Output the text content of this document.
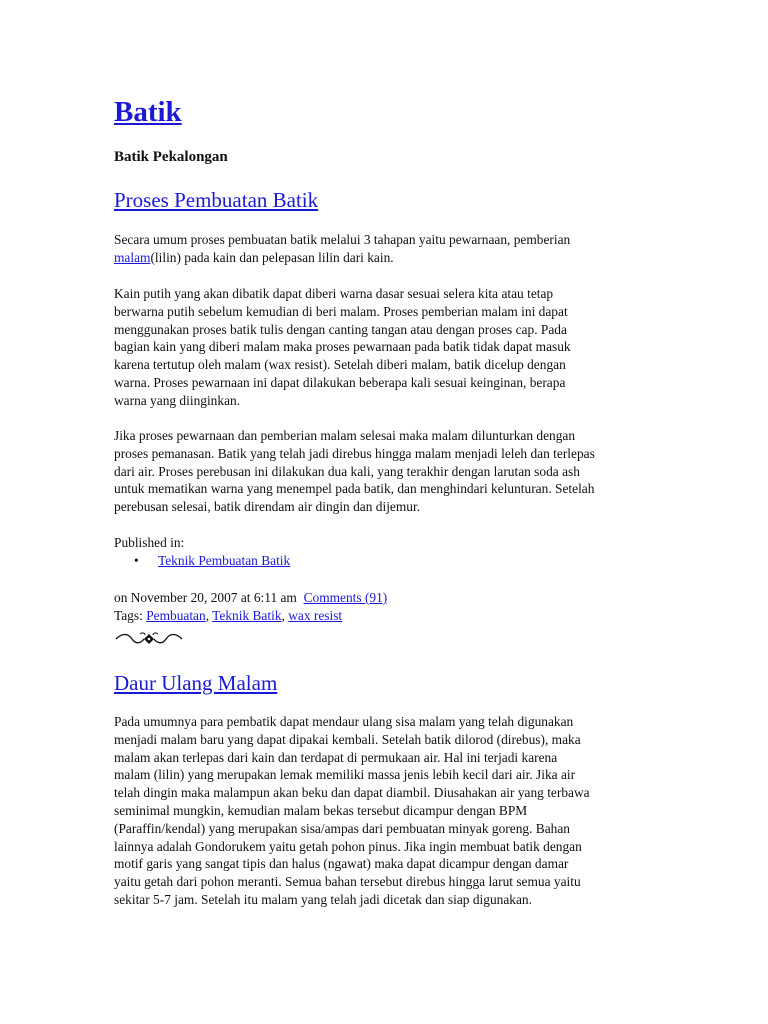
Batik

Batik Pekalongan

Proses Pembuatan Batik

Secara umum proses pembuatan batik melalui 3 tahapan yaitu pewarnaan, pemberian
malam(lilin) pada kain dan pelepasan lilin dari kain.

Kain putih yang akan dibatik dapat diberi warna dasar sesuai selera kita atau tetap
berwarna putih sebelum kemudian di beri malam. Proses pemberian malam ini dapat
menggunakan proses batik tulis dengan canting tangan atau dengan proses cap. Pada
bagian kain yang diberi malam maka proses pewarnaan pada batik tidak dapat masuk
karena tertutup oleh malam (wax resist). Setelah diberi malam, batik dicelup dengan
warna. Proses pewarnaan ini dapat dilakukan beberapa kali sesuai keinginan, berapa
warna yang diinginkan.

Jika proses pewarnaan dan pemberian malam selesai maka malam dilunturkan dengan
proses pemanasan. Batik yang telah jadi direbus hingga malam menjadi leleh dan terlepas
dari air. Proses perebusan ini dilakukan dua kali, yang terakhir dengan larutan soda ash
untuk mematikan warna yang menempel pada batik, dan menghindari kelunturan. Setelah
perebusan selesai, batik direndam air dingin dan dijemur.

Published in:

• Teknik Pembuatan Batik

on November 20, 2007 at 6:11 am Comments (91)

Tags: Pembuatan, Teknik Batik, wax resist

Daur Ulang Malam

Pada umumnya para pembatik dapat mendaur ulang sisa malam yang telah digunakan
menjadi malam baru yang dapat dipakai kembali. Setelah batik dilorod (direbus), maka
malam akan terlepas dari kain dan terdapat di permukaan air. Hal ini terjadi karena
malam (lilin) yang merupakan lemak memiliki massa jenis lebih kecil dari air. Jika air
telah dingin maka malampun akan beku dan dapat diambil. Diusahakan air yang terbawa
seminimal mungkin, kemudian malam bekas tersebut dicampur dengan BPM
(Paraffin/kendal) yang merupakan sisa/ampas dari pembuatan minyak goreng. Bahan
lainnya adalah Gondorukem yaitu getah pohon pinus. Jika ingin membuat batik dengan
motif garis yang sangat tipis dan halus (ngawat) maka dapat dicampur dengan damar
yaitu getah dari pohon meranti. Semua bahan tersebut direbus hingga larut semua yaitu
sekitar 5-7 jam. Setelah itu malam yang telah jadi dicetak dan siap digunakan.
